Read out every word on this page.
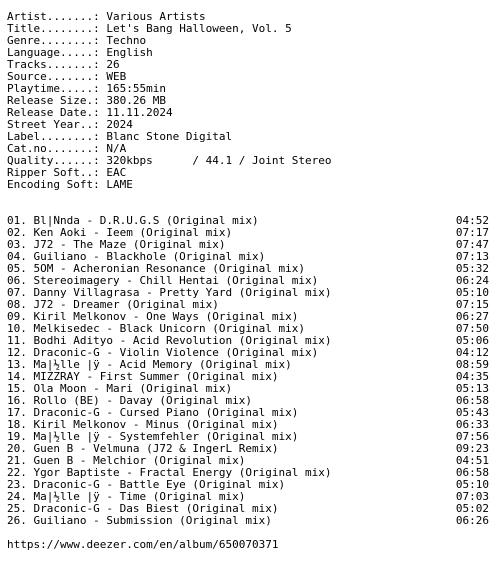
Artist.......: Various Artists
Title........: Let's Bang Halloween, Vol. 5
Genre........: Techno
Language.....: English
Tracks.......: 26
Source.......: WEB
Playtime.....: 165:55min
Release Size.: 380.26 MB
Release Date.: 11.11.2024
Street Year..: 2024
Label........: Blanc Stone Digital
Cat.no.......: N/A
Quality......: 320kbps      / 44.1 / Joint Stereo
Ripper Soft..: EAC
Encoding Soft: LAME
01. Bl|Ñnda - D.R.U.G.S (Original mix)	04:52
02. Ken Aoki - Ieem (Original mix)	07:17
03. J72 - The Maze (Original mix)	07:47
04. Guiliano - Blackhole (Original mix)	07:13
05. 5OM - Acheronian Resonance (Original mix)	05:32
06. Stereoimagery - Chill Hentai (Original mix)	06:24
07. Danny Villagrasa - Pretty Yard (Original mix)	05:10
08. J72 - Dreamer (Original mix)	07:15
09. Kiril Melkonov - One Ways (Original mix)	06:27
10. Melkisedec - Black Unicorn (Original mix)	07:50
11. Bodhi Adityo - Acid Revolution (Original mix)	05:06
12. Draconic-G - Violin Violence (Original mix)	04:12
13. Ma|½lle |ÿ - Acid Memory (Original mix)	08:59
14. MIZZRAY - First Summer (Original mix)	04:35
15. Ola Moon - Mari (Original mix)	05:13
16. Rollo (BE) - Davay (Original mix)	06:58
17. Draconic-G - Cursed Piano (Original mix)	05:43
18. Kiril Melkonov - Minus (Original mix)	06:33
19. Ma|½lle |ÿ - Systemfehler (Original mix)	07:56
20. Guen B - Velmuna (J72 & IngerL Remix)	09:23
21. Guen B - Melchior (Original mix)	04:51
22. Ygor Baptiste - Fractal Energy (Original mix)	06:58
23. Draconic-G - Battle Eye (Original mix)	05:10
24. Ma|½lle |ÿ - Time (Original mix)	07:03
25. Draconic-G - Das Biest (Original mix)	05:02
26. Guiliano - Submission (Original mix)	06:26
https://www.deezer.com/en/album/650070371
